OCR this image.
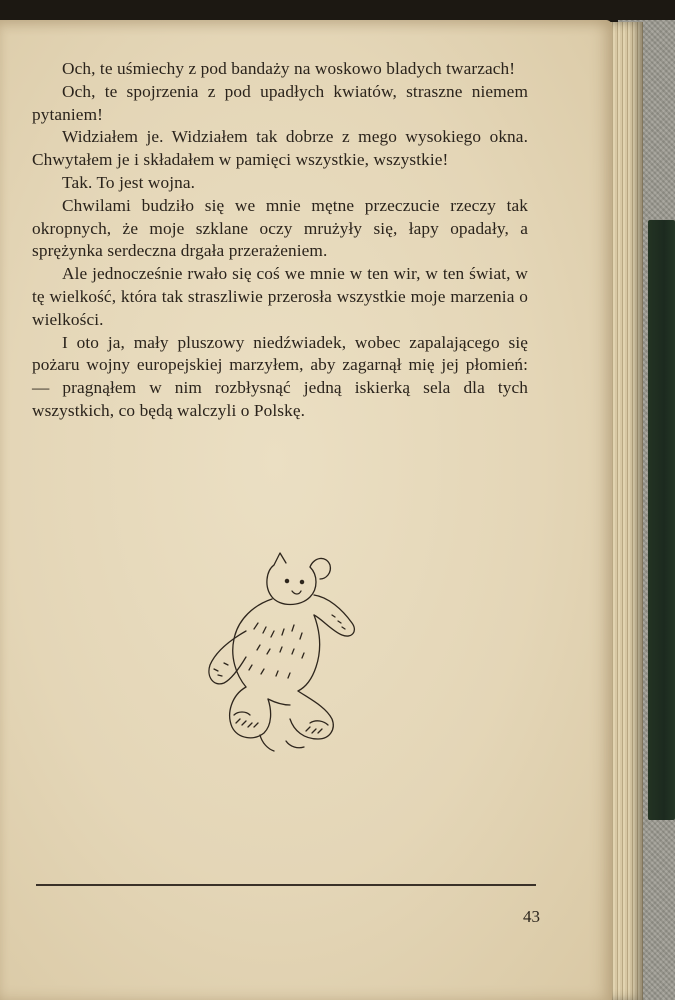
Och, te uśmiechy z pod bandaży na woskowo bladych twarzach!

Och, te spojrzenia z pod upadłych kwiatów, straszne niemem pytaniem!

Widziałem je. Widziałem tak dobrze z mego wysokiego okna. Chwytałem je i składałem w pamięci wszystkie, wszystkie!

Tak. To jest wojna.

Chwilami budziło się we mnie mętne przeczucie rzeczy tak okropnych, że moje szklane oczy mrużyły się, łapy opadały, a sprężynka serdeczna drgała przerażeniem.

Ale jednocześnie rwało się coś we mnie w ten wir, w ten świat, w tę wielkość, która tak straszliwie przerosła wszystkie moje marzenia o wielkości.

I oto ja, mały pluszowy niedźwiadek, wobec zapalającego się pożaru wojny europejskiej marzyłem, aby zagarnął mię jej płomień: — pragnąłem w nim rozbłysnąć jedną iskierką sela dla tych wszystkich, co będą walczyli o Polskę.

43
